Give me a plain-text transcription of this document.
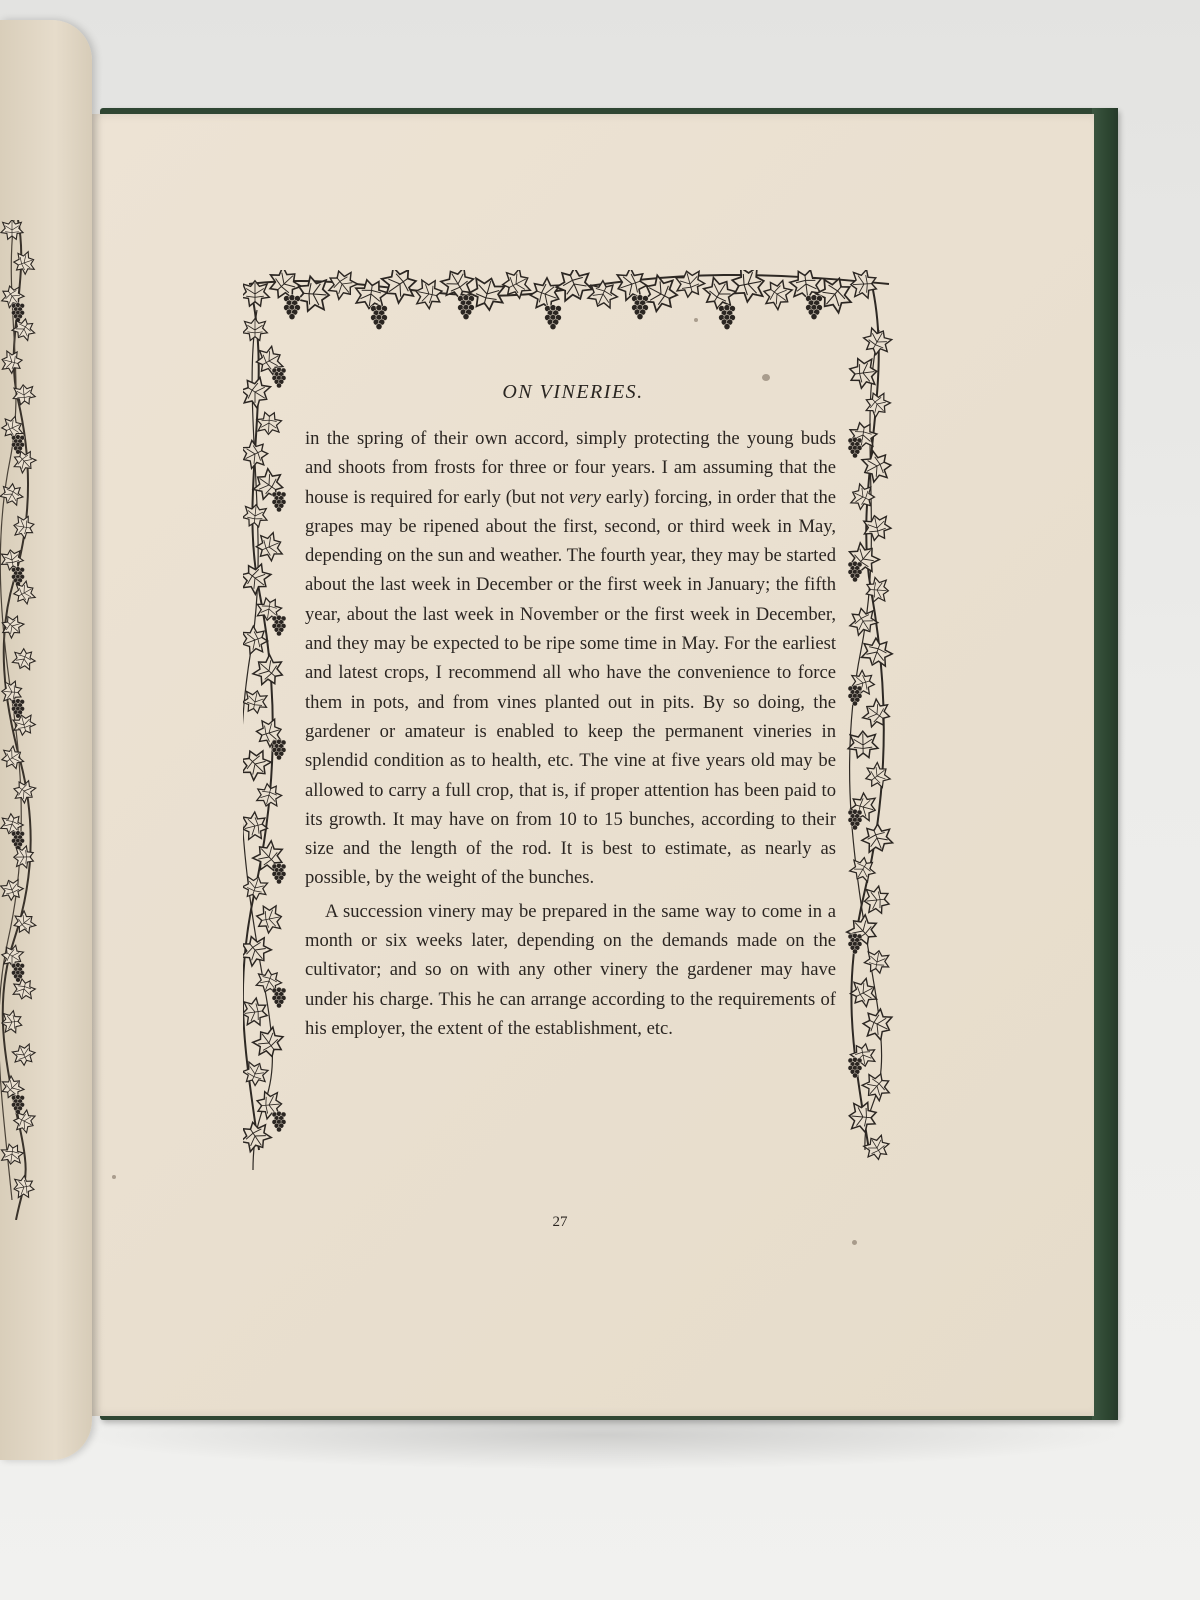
ON VINERIES.

in the spring of their own accord, simply protecting the young buds and shoots from frosts for three or four years. I am assuming that the house is required for early (but not very early) forcing, in order that the grapes may be ripened about the first, second, or third week in May, depending on the sun and weather. The fourth year, they may be started about the last week in December or the first week in January; the fifth year, about the last week in November or the first week in December, and they may be expected to be ripe some time in May. For the earliest and latest crops, I recommend all who have the convenience to force them in pots, and from vines planted out in pits. By so doing, the gardener or amateur is enabled to keep the permanent vineries in splendid condition as to health, etc. The vine at five years old may be allowed to carry a full crop, that is, if proper attention has been paid to its growth. It may have on from 10 to 15 bunches, according to their size and the length of the rod. It is best to estimate, as nearly as possible, by the weight of the bunches.

A succession vinery may be prepared in the same way to come in a month or six weeks later, depending on the demands made on the cultivator; and so on with any other vinery the gardener may have under his charge. This he can arrange according to the requirements of his employer, the extent of the establishment, etc.

27
